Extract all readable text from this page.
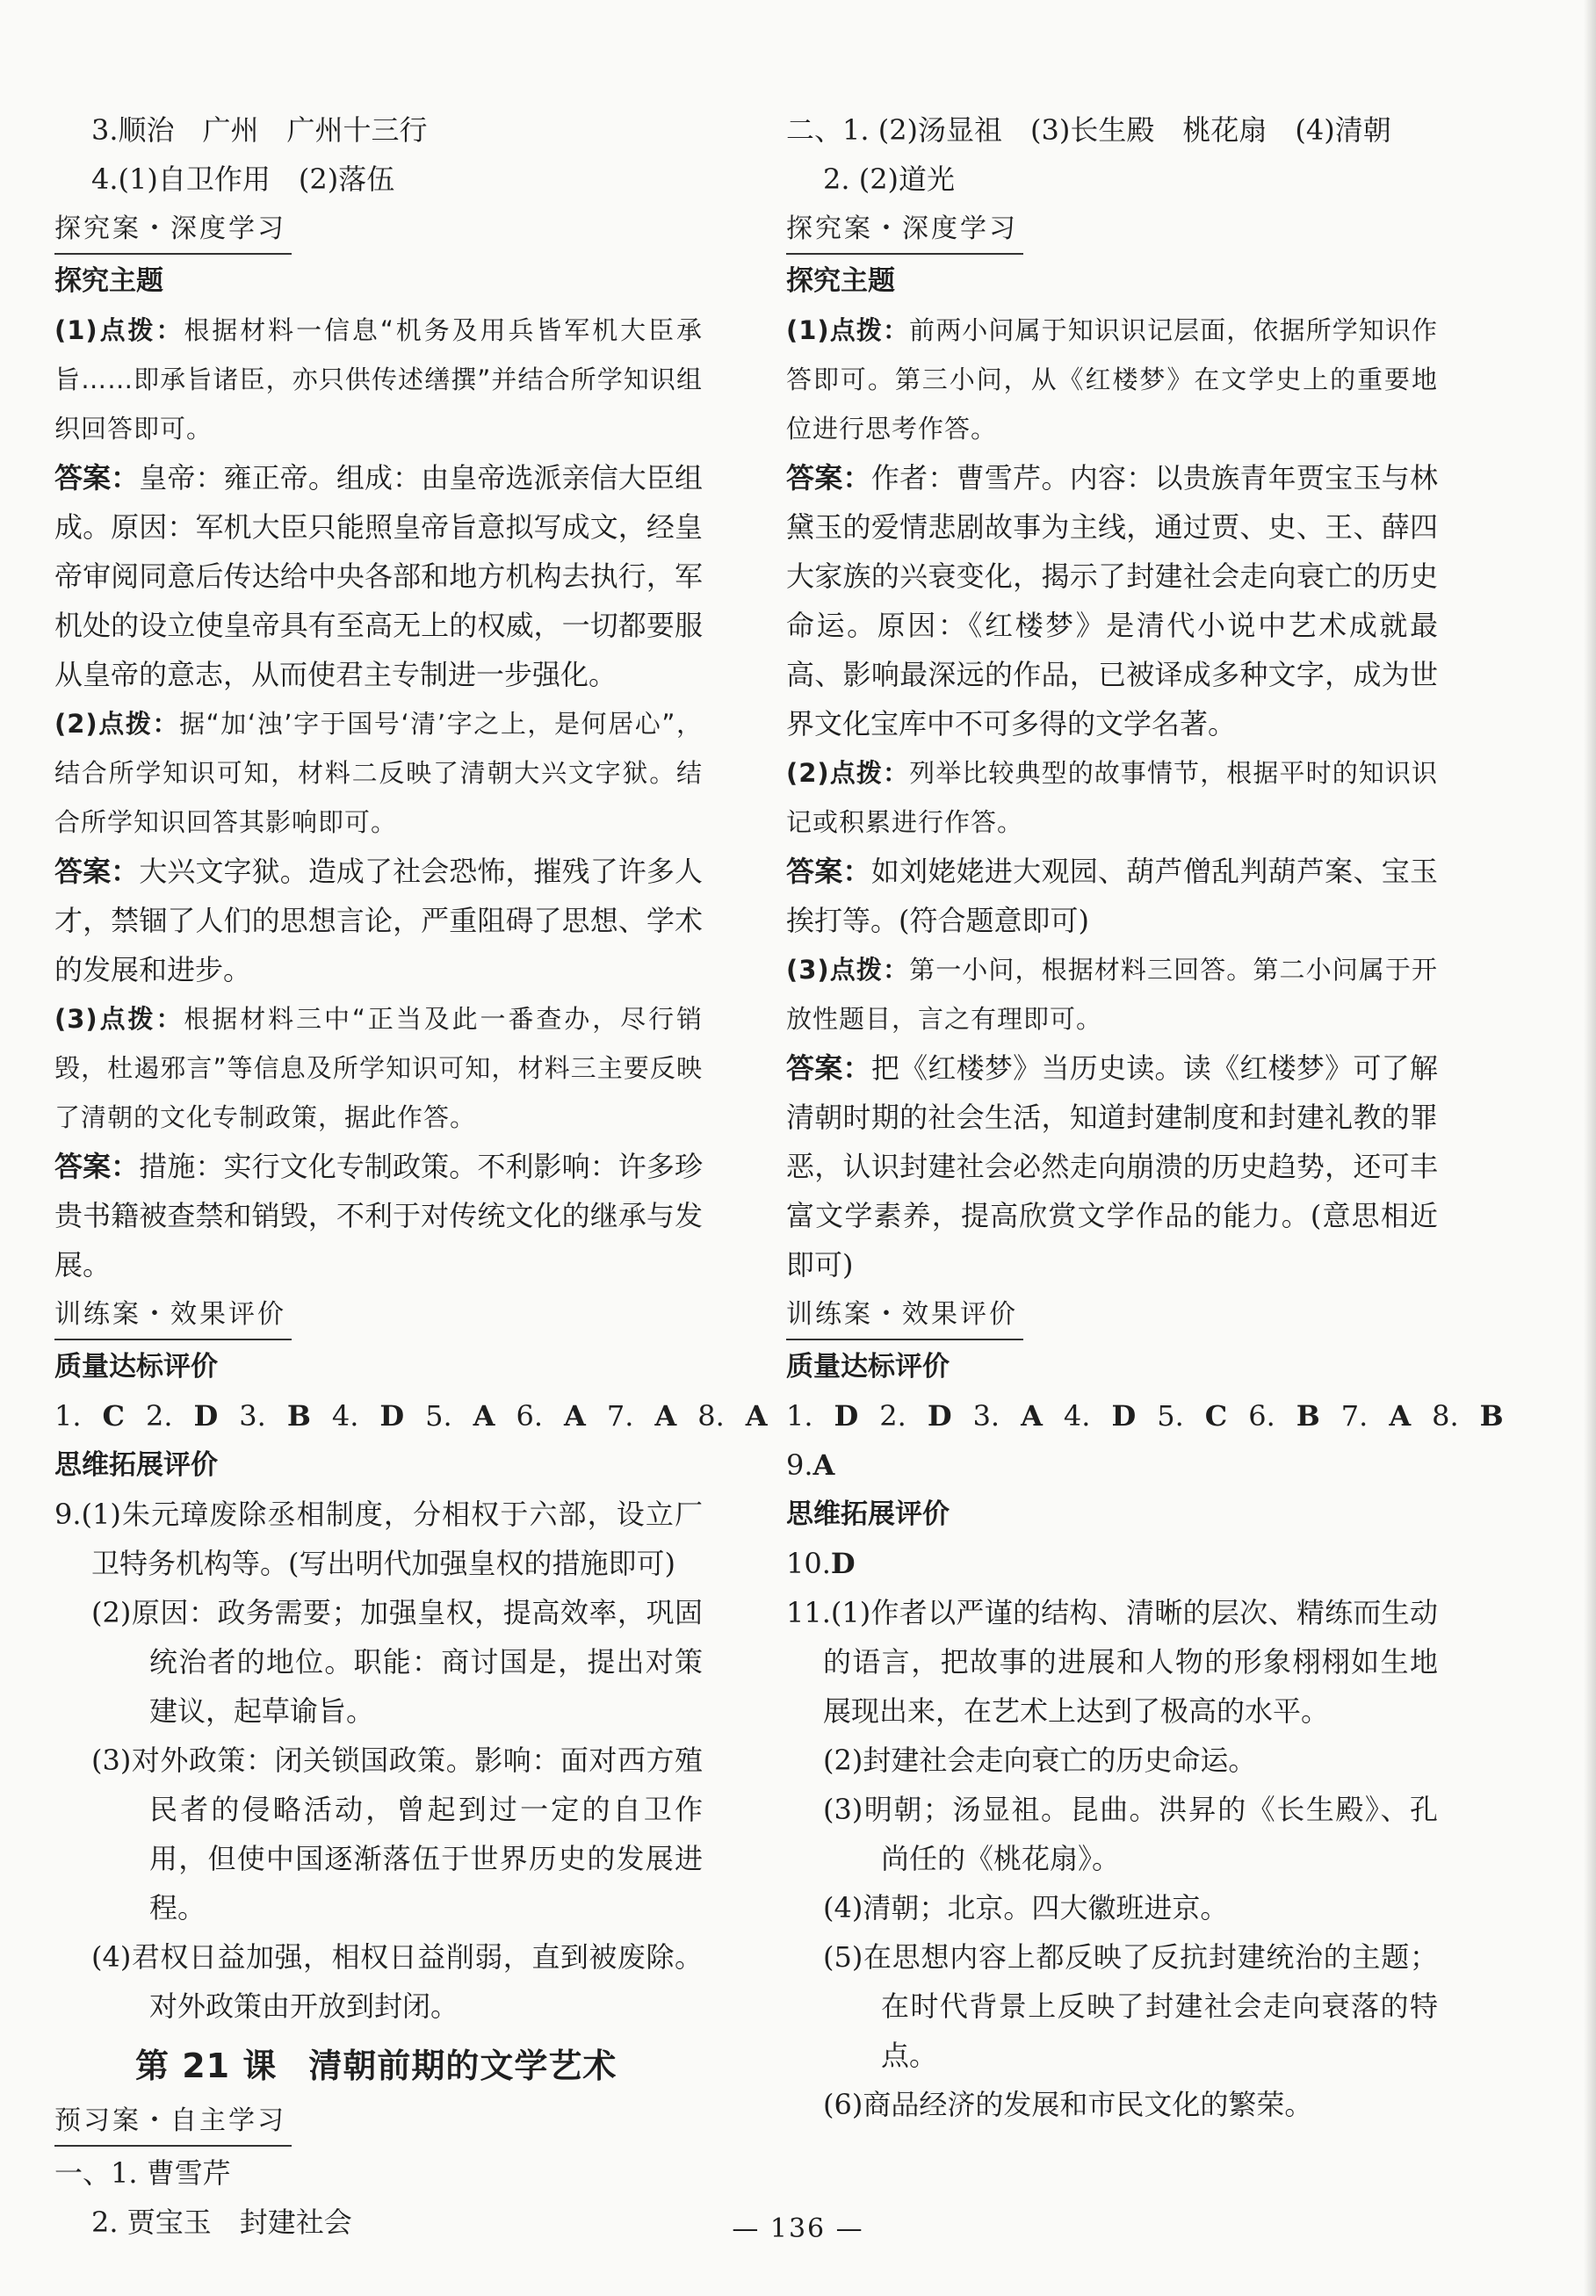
3.顺治　广州　广州十三行

4.(1)自卫作用　(2)落伍

探究案・深度学习

探究主题

(1)点拨：根据材料一信息“机务及用兵皆军机大臣承旨……即承旨诸臣，亦只供传述缮撰”并结合所学知识组织回答即可。

答案：皇帝：雍正帝。组成：由皇帝选派亲信大臣组成。原因：军机大臣只能照皇帝旨意拟写成文，经皇帝审阅同意后传达给中央各部和地方机构去执行，军机处的设立使皇帝具有至高无上的权威，一切都要服从皇帝的意志，从而使君主专制进一步强化。

(2)点拨：据“加‘浊’字于国号‘清’字之上，是何居心”，结合所学知识可知，材料二反映了清朝大兴文字狱。结合所学知识回答其影响即可。

答案：大兴文字狱。造成了社会恐怖，摧残了许多人才，禁锢了人们的思想言论，严重阻碍了思想、学术的发展和进步。

(3)点拨：根据材料三中“正当及此一番查办，尽行销毁，杜遏邪言”等信息及所学知识可知，材料三主要反映了清朝的文化专制政策，据此作答。

答案：措施：实行文化专制政策。不利影响：许多珍贵书籍被查禁和销毁，不利于对传统文化的继承与发展。

训练案・效果评价

质量达标评价

1. C 2. D 3. B 4. D 5. A 6. A 7. A 8. A

思维拓展评价

9.(1)朱元璋废除丞相制度，分相权于六部，设立厂卫特务机构等。(写出明代加强皇权的措施即可)

(2)原因：政务需要；加强皇权，提高效率，巩固统治者的地位。职能：商讨国是，提出对策建议，起草谕旨。

(3)对外政策：闭关锁国政策。影响：面对西方殖民者的侵略活动，曾起到过一定的自卫作用，但使中国逐渐落伍于世界历史的发展进程。

(4)君权日益加强，相权日益削弱，直到被废除。对外政策由开放到封闭。

第 21 课 清朝前期的文学艺术
预习案・自主学习

一、1. 曹雪芹

2. 贾宝玉　封建社会

二、1. (2)汤显祖　(3)长生殿　桃花扇　(4)清朝

2. (2)道光

探究案・深度学习

探究主题

(1)点拨：前两小问属于知识识记层面，依据所学知识作答即可。第三小问，从《红楼梦》在文学史上的重要地位进行思考作答。

答案：作者：曹雪芹。内容：以贵族青年贾宝玉与林黛玉的爱情悲剧故事为主线，通过贾、史、王、薛四大家族的兴衰变化，揭示了封建社会走向衰亡的历史命运。原因：《红楼梦》是清代小说中艺术成就最高、影响最深远的作品，已被译成多种文字，成为世界文化宝库中不可多得的文学名著。

(2)点拨：列举比较典型的故事情节，根据平时的知识识记或积累进行作答。

答案：如刘姥姥进大观园、葫芦僧乱判葫芦案、宝玉挨打等。(符合题意即可)

(3)点拨：第一小问，根据材料三回答。第二小问属于开放性题目，言之有理即可。

答案：把《红楼梦》当历史读。读《红楼梦》可了解清朝时期的社会生活，知道封建制度和封建礼教的罪恶，认识封建社会必然走向崩溃的历史趋势，还可丰富文学素养，提高欣赏文学作品的能力。(意思相近即可)

训练案・效果评价

质量达标评价

1. D 2. D 3. A 4. D 5. C 6. B 7. A 8. B

9.A

思维拓展评价

10.D

11.(1)作者以严谨的结构、清晰的层次、精练而生动的语言，把故事的进展和人物的形象栩栩如生地展现出来，在艺术上达到了极高的水平。

(2)封建社会走向衰亡的历史命运。

(3)明朝；汤显祖。昆曲。洪昇的《长生殿》、孔尚任的《桃花扇》。

(4)清朝；北京。四大徽班进京。

(5)在思想内容上都反映了反抗封建统治的主题；在时代背景上反映了封建社会走向衰落的特点。

(6)商品经济的发展和市民文化的繁荣。

— 136 —
